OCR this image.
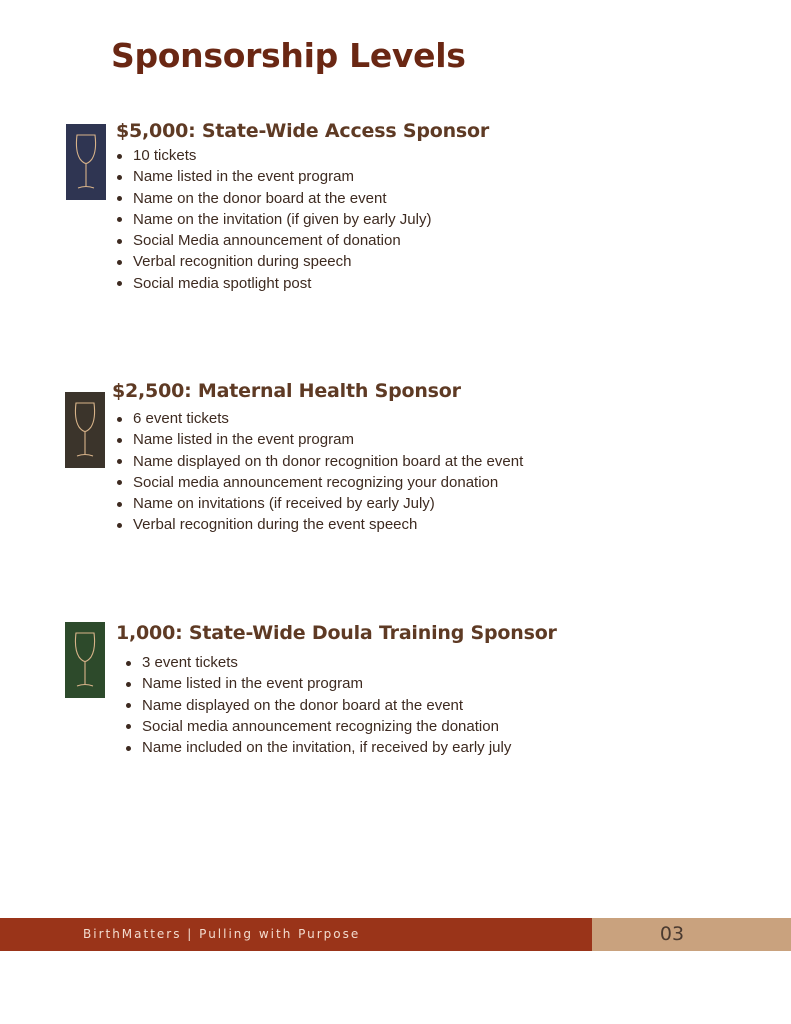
Sponsorship Levels
$5,000: State-Wide Access Sponsor
10 tickets
Name listed in the event program
Name on the donor board at the event
Name on the invitation (if given by early July)
Social Media announcement of donation
Verbal recognition during speech
Social media spotlight post
$2,500: Maternal Health Sponsor
6 event tickets
Name listed in the event program
Name displayed on th donor recognition board at the event
Social media announcement recognizing your donation
Name on invitations (if received by early July)
Verbal recognition during the event speech
1,000: State-Wide Doula Training Sponsor
3 event tickets
Name listed in the event program
Name displayed on the donor board at the event
Social media announcement recognizing the donation
Name included on the invitation, if received by early july
BirthMatters | Pulling with Purpose	03
